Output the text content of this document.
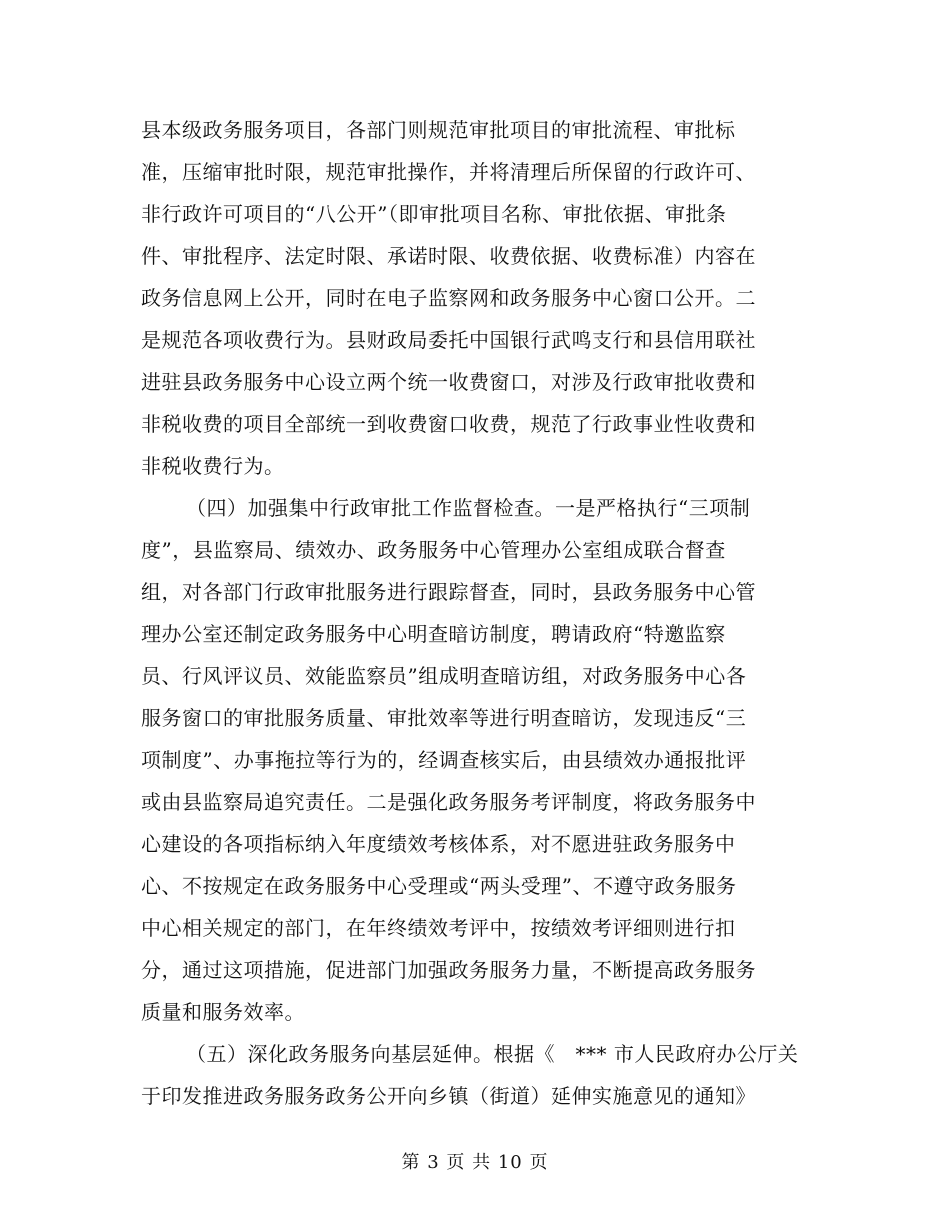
县本级政务服务项目，各部门则规范审批项目的审批流程、审批标
准，压缩审批时限，规范审批操作，并将清理后所保留的行政许可、
非行政许可项目的“八公开”（即审批项目名称、审批依据、审批条
件、审批程序、法定时限、承诺时限、收费依据、收费标准）内容在
政务信息网上公开，同时在电子监察网和政务服务中心窗口公开。二
是规范各项收费行为。县财政局委托中国银行武鸣支行和县信用联社
进驻县政务服务中心设立两个统一收费窗口，对涉及行政审批收费和
非税收费的项目全部统一到收费窗口收费，规范了行政事业性收费和
非税收费行为。
（四）加强集中行政审批工作监督检查。一是严格执行“三项制
度”，县监察局、绩效办、政务服务中心管理办公室组成联合督查
组，对各部门行政审批服务进行跟踪督查，同时，县政务服务中心管
理办公室还制定政务服务中心明查暗访制度，聘请政府“特邀监察
员、行风评议员、效能监察员”组成明查暗访组，对政务服务中心各
服务窗口的审批服务质量、审批效率等进行明查暗访，发现违反“三
项制度”、办事拖拉等行为的，经调查核实后，由县绩效办通报批评
或由县监察局追究责任。二是强化政务服务考评制度，将政务服务中
心建设的各项指标纳入年度绩效考核体系，对不愿进驻政务服务中
心、不按规定在政务服务中心受理或“两头受理”、不遵守政务服务
中心相关规定的部门，在年终绩效考评中，按绩效考评细则进行扣
分，通过这项措施，促进部门加强政务服务力量，不断提高政务服务
质量和服务效率。
（五）深化政务服务向基层延伸。根据《　*** 市人民政府办公厅关
于印发推进政务服务政务公开向乡镇（街道）延伸实施意见的通知》
第 3 页 共 10 页
